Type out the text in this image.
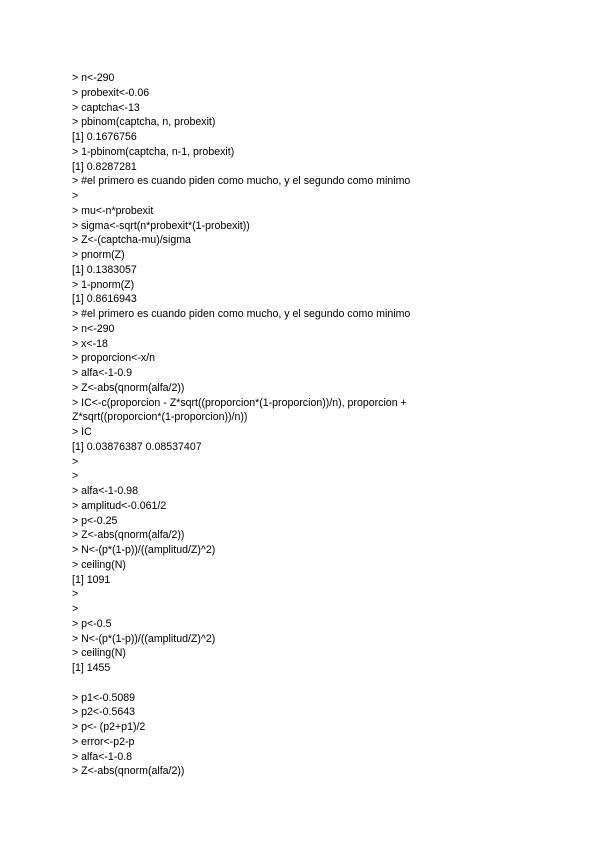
> n<-290
> probexit<-0.06
> captcha<-13
> pbinom(captcha, n, probexit)
[1] 0.1676756
> 1-pbinom(captcha, n-1, probexit)
[1] 0.8287281
> #el primero es cuando piden como mucho, y el segundo como minimo
>
> mu<-n*probexit
> sigma<-sqrt(n*probexit*(1-probexit))
> Z<-(captcha-mu)/sigma
> pnorm(Z)
[1] 0.1383057
> 1-pnorm(Z)
[1] 0.8616943
> #el primero es cuando piden como mucho, y el segundo como minimo
> n<-290
> x<-18
> proporcion<-x/n
> alfa<-1-0.9
> Z<-abs(qnorm(alfa/2))
> IC<-c(proporcion - Z*sqrt((proporcion*(1-proporcion))/n), proporcion +
Z*sqrt((proporcion*(1-proporcion))/n))
> IC
[1] 0.03876387 0.08537407
>
>
> alfa<-1-0.98
> amplitud<-0.061/2
> p<-0.25
> Z<-abs(qnorm(alfa/2))
> N<-(p*(1-p))/((amplitud/Z)^2)
> ceiling(N)
[1] 1091
>
>
> p<-0.5
> N<-(p*(1-p))/((amplitud/Z)^2)
> ceiling(N)
[1] 1455
> p1<-0.5089
> p2<-0.5643
> p<- (p2+p1)/2
> error<-p2-p
> alfa<-1-0.8
> Z<-abs(qnorm(alfa/2))
